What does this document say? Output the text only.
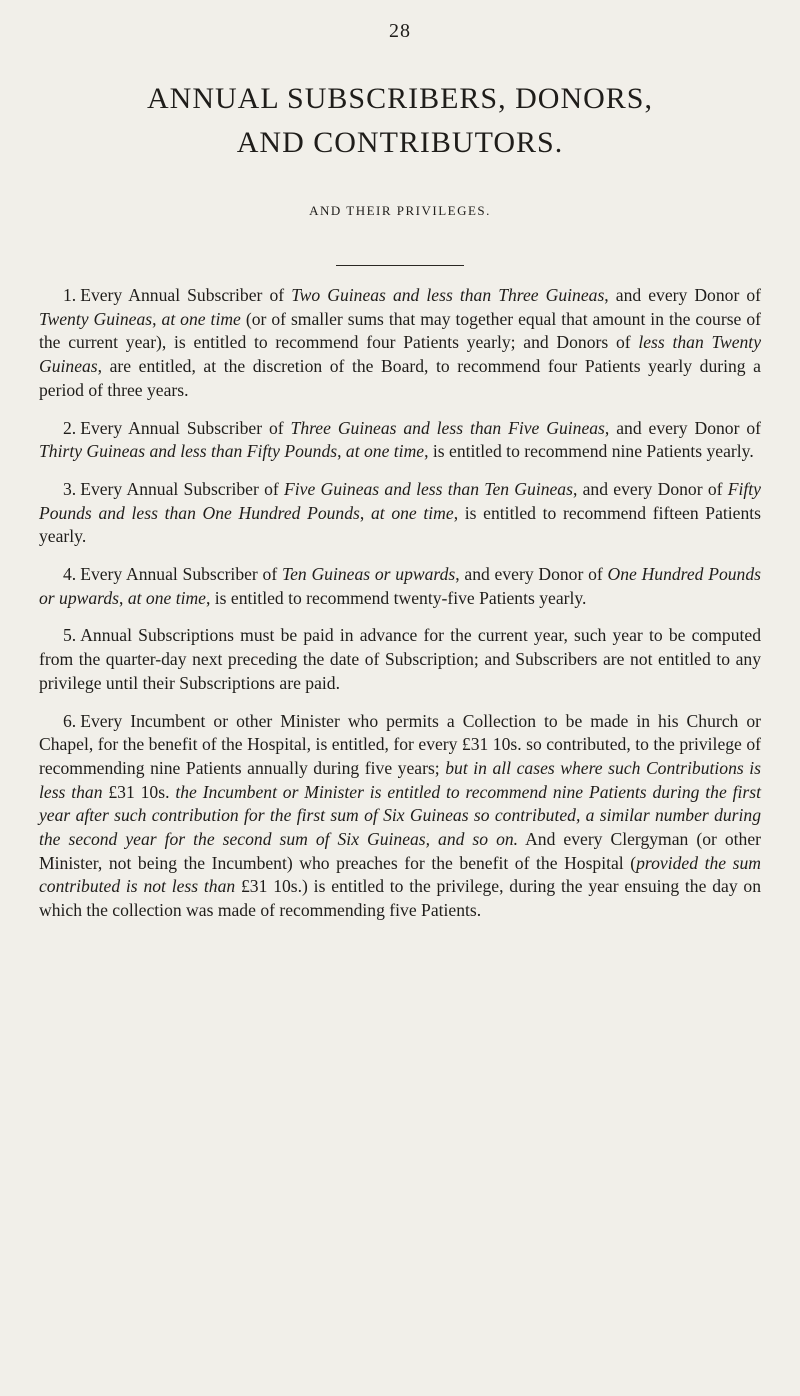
28
ANNUAL SUBSCRIBERS, DONORS,
AND CONTRIBUTORS.
AND THEIR PRIVILEGES.

1. Every Annual Subscriber of Two Guineas and less than Three Guineas, and every Donor of Twenty Guineas, at one time (or of smaller sums that may together equal that amount in the course of the current year), is entitled to recommend four Patients yearly; and Donors of less than Twenty Guineas, are entitled, at the discretion of the Board, to recommend four Patients yearly during a period of three years.

2. Every Annual Subscriber of Three Guineas and less than Five Guineas, and every Donor of Thirty Guineas and less than Fifty Pounds, at one time, is entitled to recommend nine Patients yearly.

3. Every Annual Subscriber of Five Guineas and less than Ten Guineas, and every Donor of Fifty Pounds and less than One Hundred Pounds, at one time, is entitled to recommend fifteen Patients yearly.

4. Every Annual Subscriber of Ten Guineas or upwards, and every Donor of One Hundred Pounds or upwards, at one time, is entitled to recommend twenty-five Patients yearly.

5. Annual Subscriptions must be paid in advance for the current year, such year to be computed from the quarter-day next preceding the date of Subscription; and Subscribers are not entitled to any privilege until their Subscriptions are paid.

6. Every Incumbent or other Minister who permits a Collection to be made in his Church or Chapel, for the benefit of the Hospital, is entitled, for every £31 10s. so contributed, to the privilege of recommending nine Patients annually during five years; but in all cases where such Contributions is less than £31 10s. the Incumbent or Minister is entitled to recommend nine Patients during the first year after such contribution for the first sum of Six Guineas so contributed, a similar number during the second year for the second sum of Six Guineas, and so on. And every Clergyman (or other Minister, not being the Incumbent) who preaches for the benefit of the Hospital (provided the sum contributed is not less than £31 10s.) is entitled to the privilege, during the year ensuing the day on which the collection was made of recommending five Patients.
